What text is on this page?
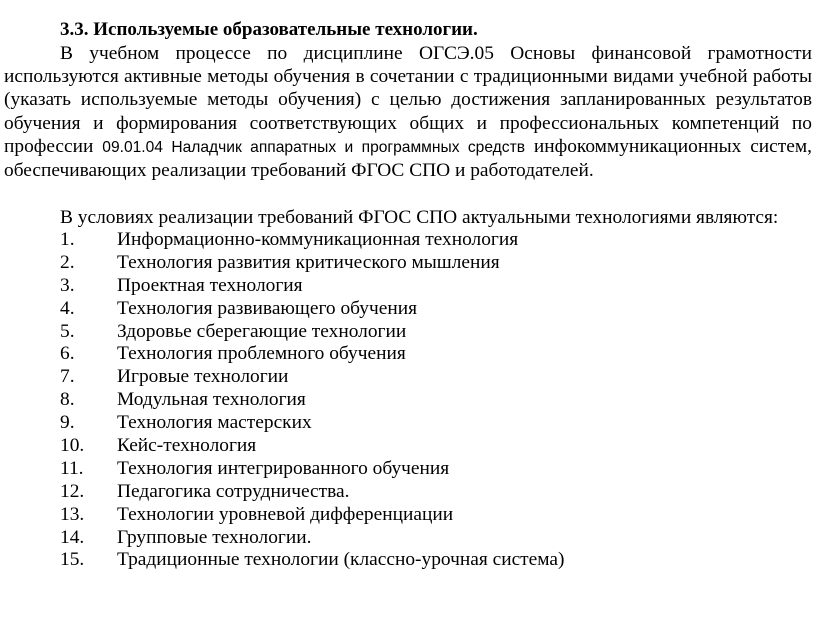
3.3. Используемые образовательные технологии.

В учебном процессе по дисциплине ОГСЭ.05 Основы финансовой грамотности используются активные методы обучения в сочетании с традиционными видами учебной работы (указать используемые методы обучения) с целью достижения запланированных результатов обучения и формирования соответствующих общих и профессиональных компетенций по профессии 09.01.04 Наладчик аппаратных и программных средств инфокоммуникационных систем, обеспечивающих реализации требований ФГОС СПО и работодателей.

В условиях реализации требований ФГОС СПО актуальными технологиями являются:
1. Информационно-коммуникационная технология
2. Технология развития критического мышления
3. Проектная технология
4. Технология развивающего обучения
5. Здоровье сберегающие технологии
6. Технология проблемного обучения
7. Игровые технологии
8. Модульная технология
9. Технология мастерских
10. Кейс-технология
11. Технология интегрированного обучения
12. Педагогика сотрудничества.
13. Технологии уровневой дифференциации
14. Групповые технологии.
15. Традиционные технологии (классно-урочная система)
